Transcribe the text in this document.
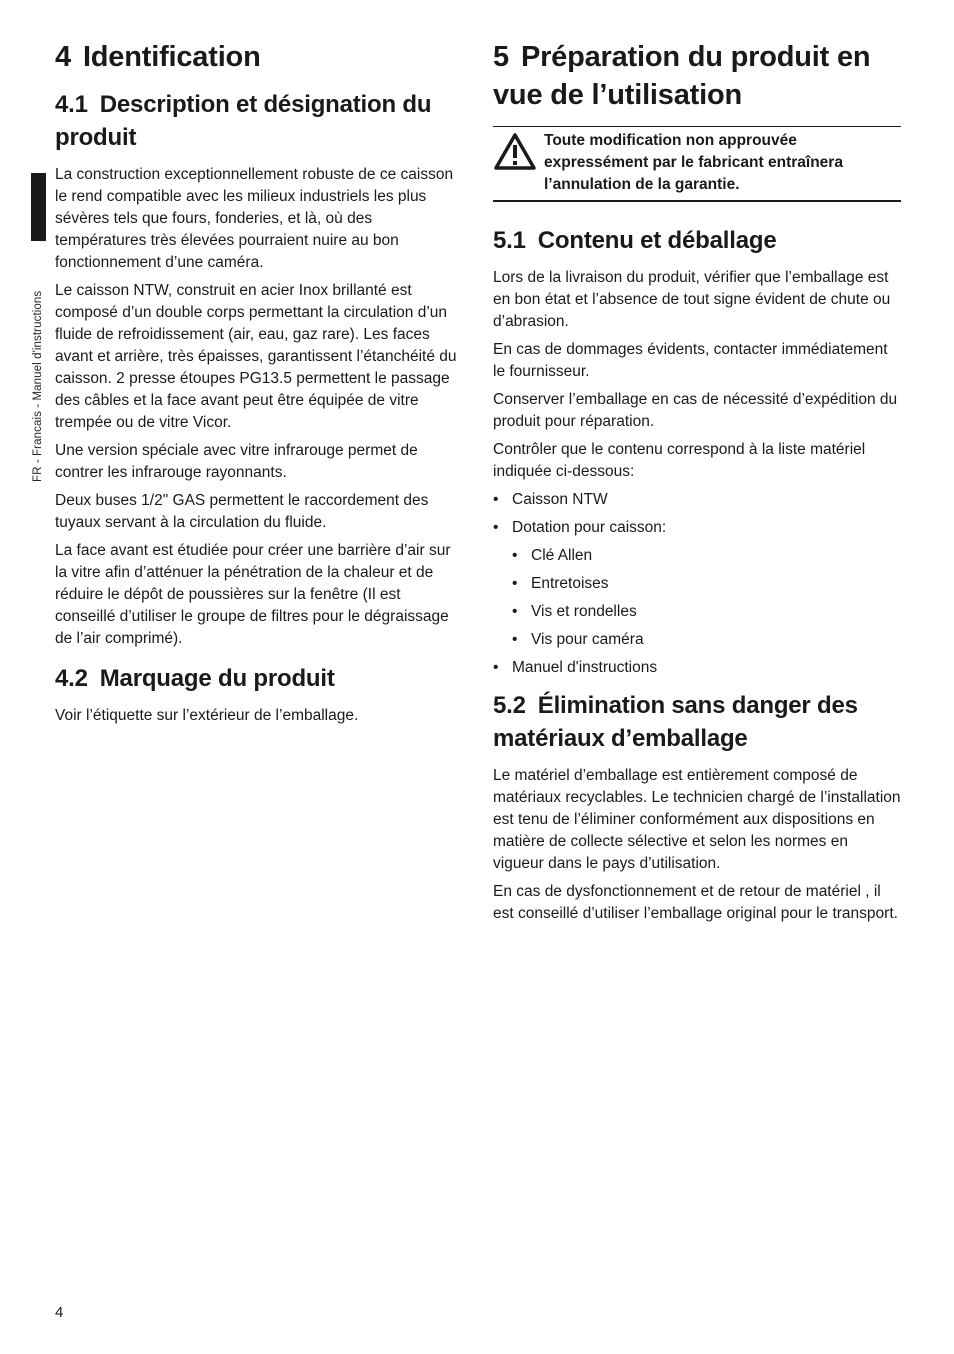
FR - Francais - Manuel d'instructions
4 Identification
4.1 Description et désignation du produit

La construction exceptionnellement robuste de ce caisson le rend compatible avec les milieux industriels les plus sévères tels que fours, fonderies, et là, où des températures très élevées pourraient nuire au bon fonctionnement d’une caméra.

Le caisson NTW, construit en acier Inox brillanté est composé d’un double corps permettant la circulation d’un fluide de refroidissement (air, eau, gaz rare). Les faces avant et arrière, très épaisses, garantissent l’étanchéité du caisson. 2 presse étoupes PG13.5 permettent le passage des câbles et la face avant peut être équipée de vitre trempée ou de vitre Vicor.

Une version spéciale avec vitre infrarouge permet de contrer les infrarouge rayonnants.

Deux buses 1/2" GAS permettent le raccordement des tuyaux servant à la circulation du fluide.

La face avant est étudiée pour créer une barrière d’air sur la vitre afin d’atténuer la pénétration de la chaleur et de réduire le dépôt de poussières sur la fenêtre (Il est conseillé d’utiliser le groupe de filtres pour le dégraissage de l’air comprimé).

4.2 Marquage du produit

Voir l’étiquette sur l’extérieur de l’emballage.

5 Préparation du produit en vue de l’utilisation
Toute modification non approuvée expressément par le fabricant entraînera l’annulation de la garantie.
5.1 Contenu et déballage

Lors de la livraison du produit, vérifier que l’emballage est en bon état et l’absence de tout signe évident de chute ou d’abrasion.

En cas de dommages évidents, contacter immédiatement le fournisseur.

Conserver l’emballage en cas de nécessité d’expédition du produit pour réparation.

Contrôler que le contenu correspond à la liste matériel indiquée ci-dessous:

• Caisson NTW
• Dotation pour caisson:
• Clé Allen
• Entretoises
• Vis et rondelles
• Vis pour caméra
• Manuel d'instructions
5.2 Élimination sans danger des matériaux d’emballage

Le matériel d’emballage est entièrement composé de matériaux recyclables. Le technicien chargé de l’installation est tenu de l’éliminer conformément aux dispositions en matière de collecte sélective et selon les normes en vigueur dans le pays d’utilisation.

En cas de dysfonctionnement et de retour de matériel , il est conseillé d’utiliser l’emballage original pour le transport.

4
